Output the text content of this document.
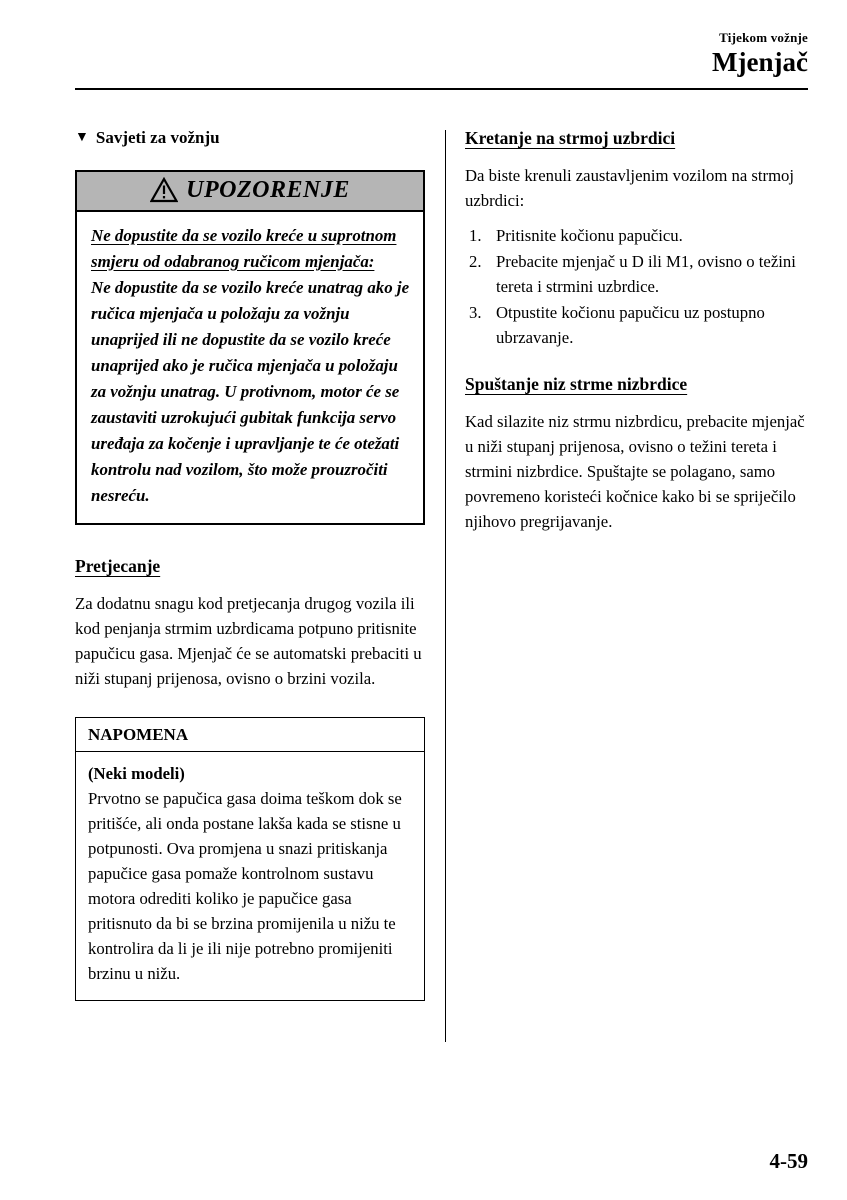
Tijekom vožnje
Mjenjač
▼ Savjeti za vožnju
UPOZORENJE
Ne dopustite da se vozilo kreće u suprotnom smjeru od odabranog ručicom mjenjača:
Ne dopustite da se vozilo kreće unatrag ako je ručica mjenjača u položaju za vožnju unaprijed ili ne dopustite da se vozilo kreće unaprijed ako je ručica mjenjača u položaju za vožnju unatrag. U protivnom, motor će se zaustaviti uzrokujući gubitak funkcija servo uređaja za kočenje i upravljanje te će otežati kontrolu nad vozilom, što može prouzročiti nesreću.
Pretjecanje

Za dodatnu snagu kod pretjecanja drugog vozila ili kod penjanja strmim uzbrdicama potpuno pritisnite papučicu gasa. Mjenjač će se automatski prebaciti u niži stupanj prijenosa, ovisno o brzini vozila.

NAPOMENA
(Neki modeli)
Prvotno se papučica gasa doima teškom dok se pritišće, ali onda postane lakša kada se stisne u potpunosti. Ova promjena u snazi pritiskanja papučice gasa pomaže kontrolnom sustavu motora odrediti koliko je papučice gasa pritisnuto da bi se brzina promijenila u nižu te kontrolira da li je ili nije potrebno promijeniti brzinu u nižu.
Kretanje na strmoj uzbrdici

Da biste krenuli zaustavljenim vozilom na strmoj uzbrdici:

1. Pritisnite kočionu papučicu.
2. Prebacite mjenjač u D ili M1, ovisno o težini tereta i strmini uzbrdice.
3. Otpustite kočionu papučicu uz postupno ubrzavanje.
Spuštanje niz strme nizbrdice

Kad silazite niz strmu nizbrdicu, prebacite mjenjač u niži stupanj prijenosa, ovisno o težini tereta i strmini nizbrdice. Spuštajte se polagano, samo povremeno koristeći kočnice kako bi se spriječilo njihovo pregrijavanje.

4-59
